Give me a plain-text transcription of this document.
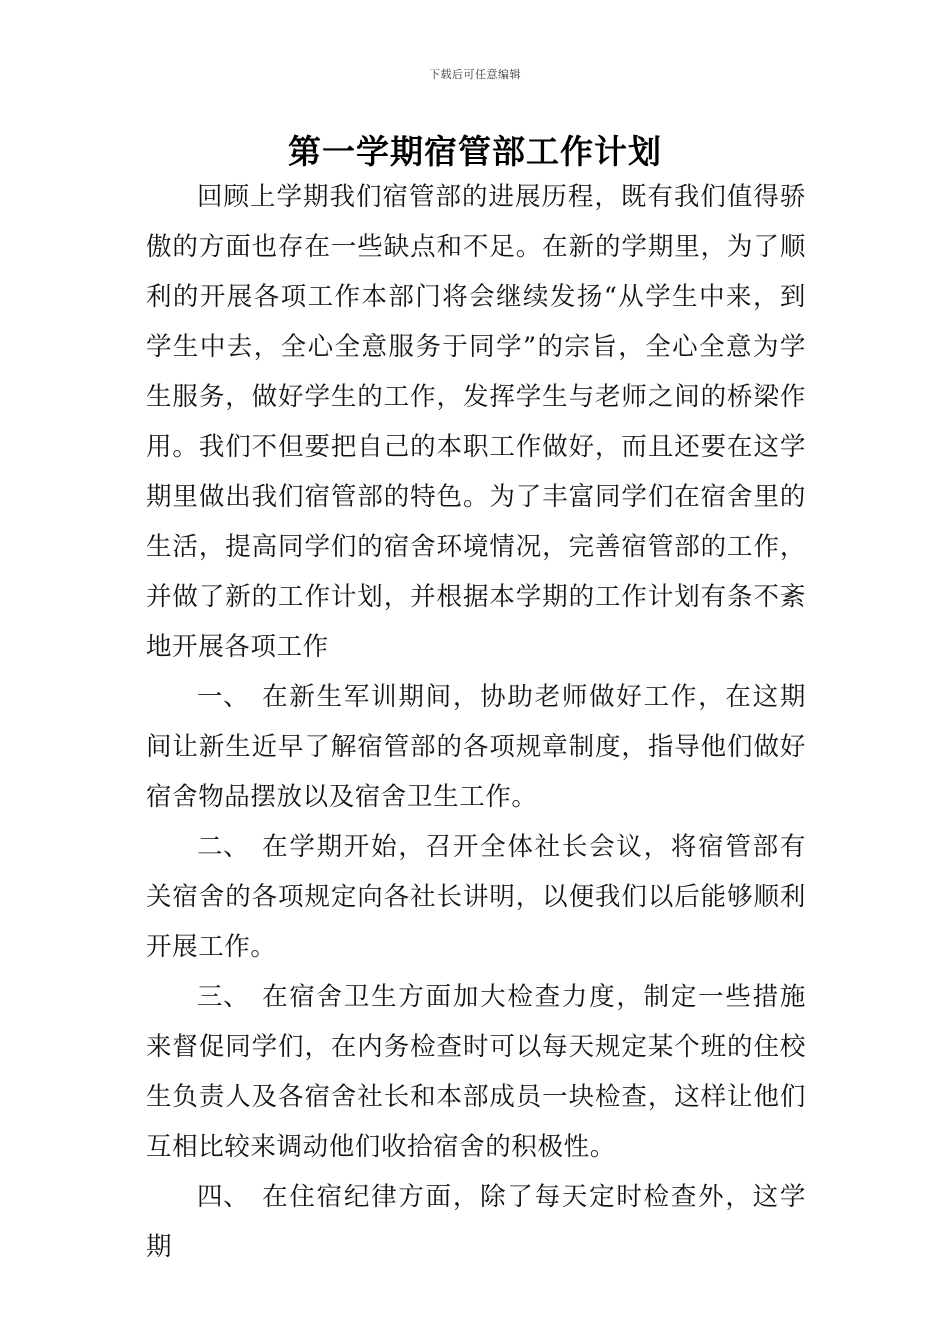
下载后可任意编辑
第一学期宿管部工作计划

回顾上学期我们宿管部的进展历程，既有我们值得骄傲的方面也存在一些缺点和不足。在新的学期里，为了顺利的开展各项工作本部门将会继续发扬“从学生中来，到学生中去，全心全意服务于同学”的宗旨，全心全意为学生服务，做好学生的工作，发挥学生与老师之间的桥梁作用。我们不但要把自己的本职工作做好，而且还要在这学期里做出我们宿管部的特色。为了丰富同学们在宿舍里的生活，提高同学们的宿舍环境情况，完善宿管部的工作，并做了新的工作计划，并根据本学期的工作计划有条不紊地开展各项工作

一、 在新生军训期间，协助老师做好工作，在这期间让新生近早了解宿管部的各项规章制度，指导他们做好宿舍物品摆放以及宿舍卫生工作。

二、 在学期开始，召开全体社长会议，将宿管部有关宿舍的各项规定向各社长讲明，以便我们以后能够顺利开展工作。

三、 在宿舍卫生方面加大检查力度，制定一些措施来督促同学们，在内务检查时可以每天规定某个班的住校生负责人及各宿舍社长和本部成员一块检查，这样让他们互相比较来调动他们收拾宿舍的积极性。

四、 在住宿纪律方面，除了每天定时检查外，这学期
